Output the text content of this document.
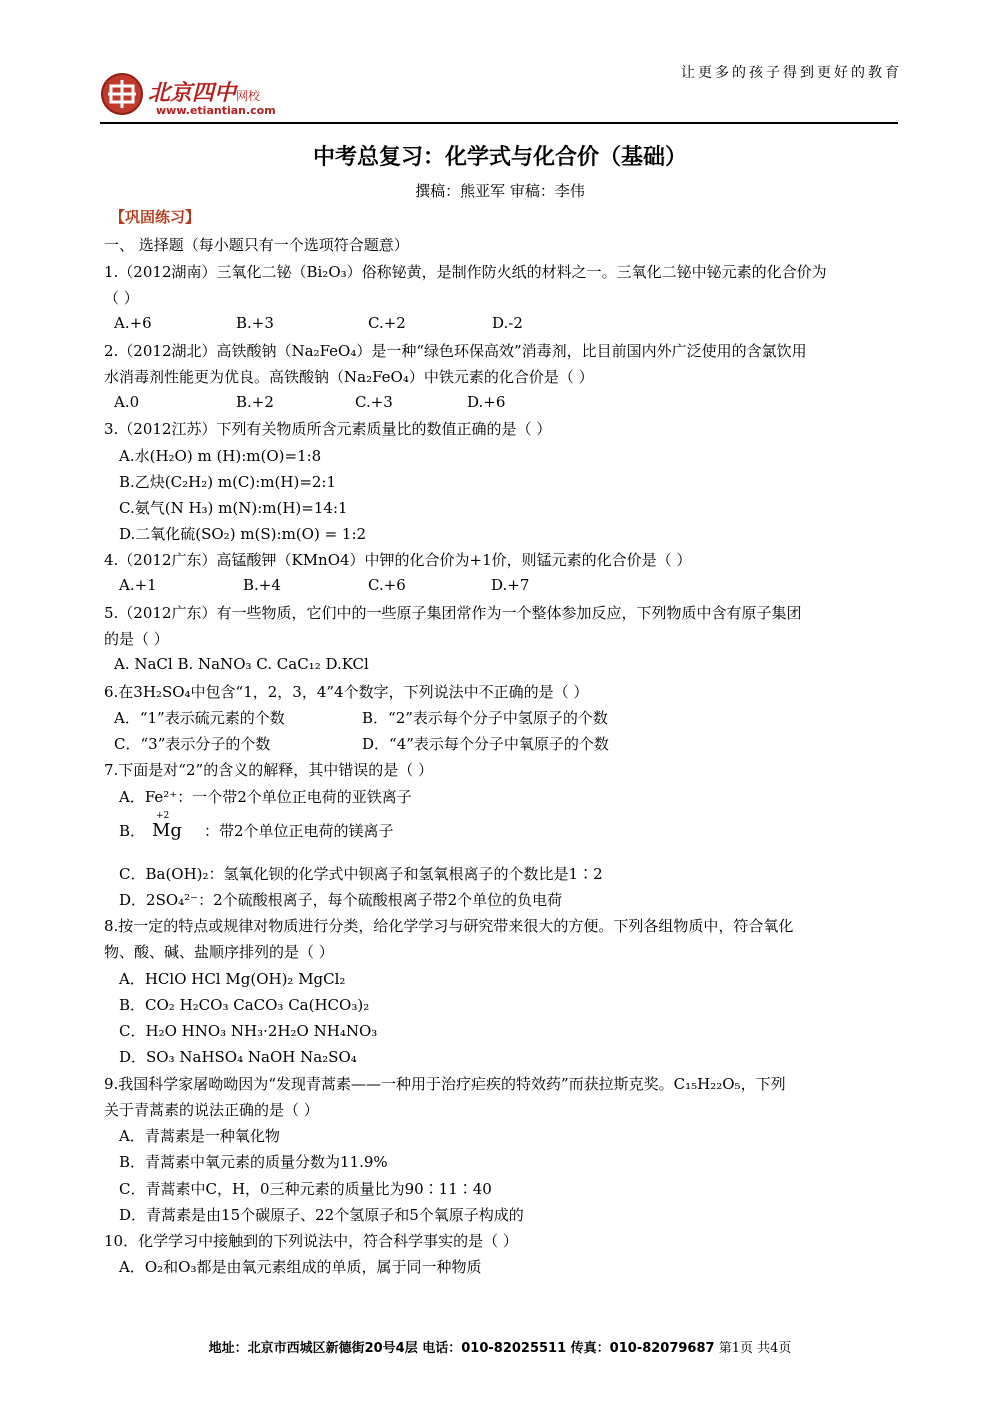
让更多的孩子得到更好的教育
北京四中网校
www.etiantian.com
中考总复习：化学式与化合价（基础）
撰稿：熊亚军 审稿：李伟
【巩固练习】
一、 选择题（每小题只有一个选项符合题意）
1.（2012湖南）三氧化二铋（Bi₂O₃）俗称铋黄，是制作防火纸的材料之一。三氧化二铋中铋元素的化合价为
（ ）
A.+6	B.+3	C.+2	D.-2
2.（2012湖北）高铁酸钠（Na₂FeO₄）是一种“绿色环保高效”消毒剂，比目前国内外广泛使用的含氯饮用
水消毒剂性能更为优良。高铁酸钠（Na₂FeO₄）中铁元素的化合价是（ ）
A.0	B.+2	C.+3	D.+6
3.（2012江苏）下列有关物质所含元素质量比的数值正确的是（ ）
A.水(H₂O) m (H):m(O)=1:8
B.乙炔(C₂H₂) m(C):m(H)=2:1
C.氨气(N H₃) m(N):m(H)=14:1
D.二氧化硫(SO₂) m(S):m(O) = 1:2
4.（2012广东）高锰酸钾（KMnO4）中钾的化合价为+1价，则锰元素的化合价是（ ）
A.+1	B.+4	C.+6	D.+7
5.（2012广东）有一些物质，它们中的一些原子集团常作为一个整体参加反应，下列物质中含有原子集团
的是（ ）
A. NaCl B. NaNO₃ C. CaC₁₂ D.KCl
6.在3H₂SO₄中包含“1，2，3，4”4个数字，下列说法中不正确的是（ ）
A．“1”表示硫元素的个数	B．“2”表示每个分子中氢原子的个数
C．“3”表示分子的个数	D．“4”表示每个分子中氧原子的个数
7.下面是对“2”的含义的解释，其中错误的是（ ）
A．Fe²⁺：一个带2个单位正电荷的亚铁离子
B．
+2
Mg ：带2个单位正电荷的镁离子
C．Ba(OH)₂：氢氧化钡的化学式中钡离子和氢氧根离子的个数比是1∶2
D．2SO₄²⁻：2个硫酸根离子，每个硫酸根离子带2个单位的负电荷
8.按一定的特点或规律对物质进行分类，给化学学习与研究带来很大的方便。下列各组物质中，符合氧化
物、酸、碱、盐顺序排列的是（ ）
A．HClO HCl Mg(OH)₂ MgCl₂
B．CO₂ H₂CO₃ CaCO₃ Ca(HCO₃)₂
C．H₂O HNO₃ NH₃·2H₂O NH₄NO₃
D．SO₃ NaHSO₄ NaOH Na₂SO₄
9.我国科学家屠呦呦因为“发现青蒿素——一种用于治疗疟疾的特效药”而获拉斯克奖。C₁₅H₂₂O₅，下列
关于青蒿素的说法正确的是（ ）
A．青蒿素是一种氧化物
B．青蒿素中氧元素的质量分数为11.9%
C．青蒿素中C，H，0三种元素的质量比为90∶11∶40
D．青蒿素是由15个碳原子、22个氢原子和5个氧原子构成的
10．化学学习中接触到的下列说法中，符合科学事实的是（ ）
A．O₂和O₃都是由氧元素组成的单质，属于同一种物质
地址：北京市西城区新德街20号4层 电话：010-82025511 传真：010-82079687 第1页 共4页
